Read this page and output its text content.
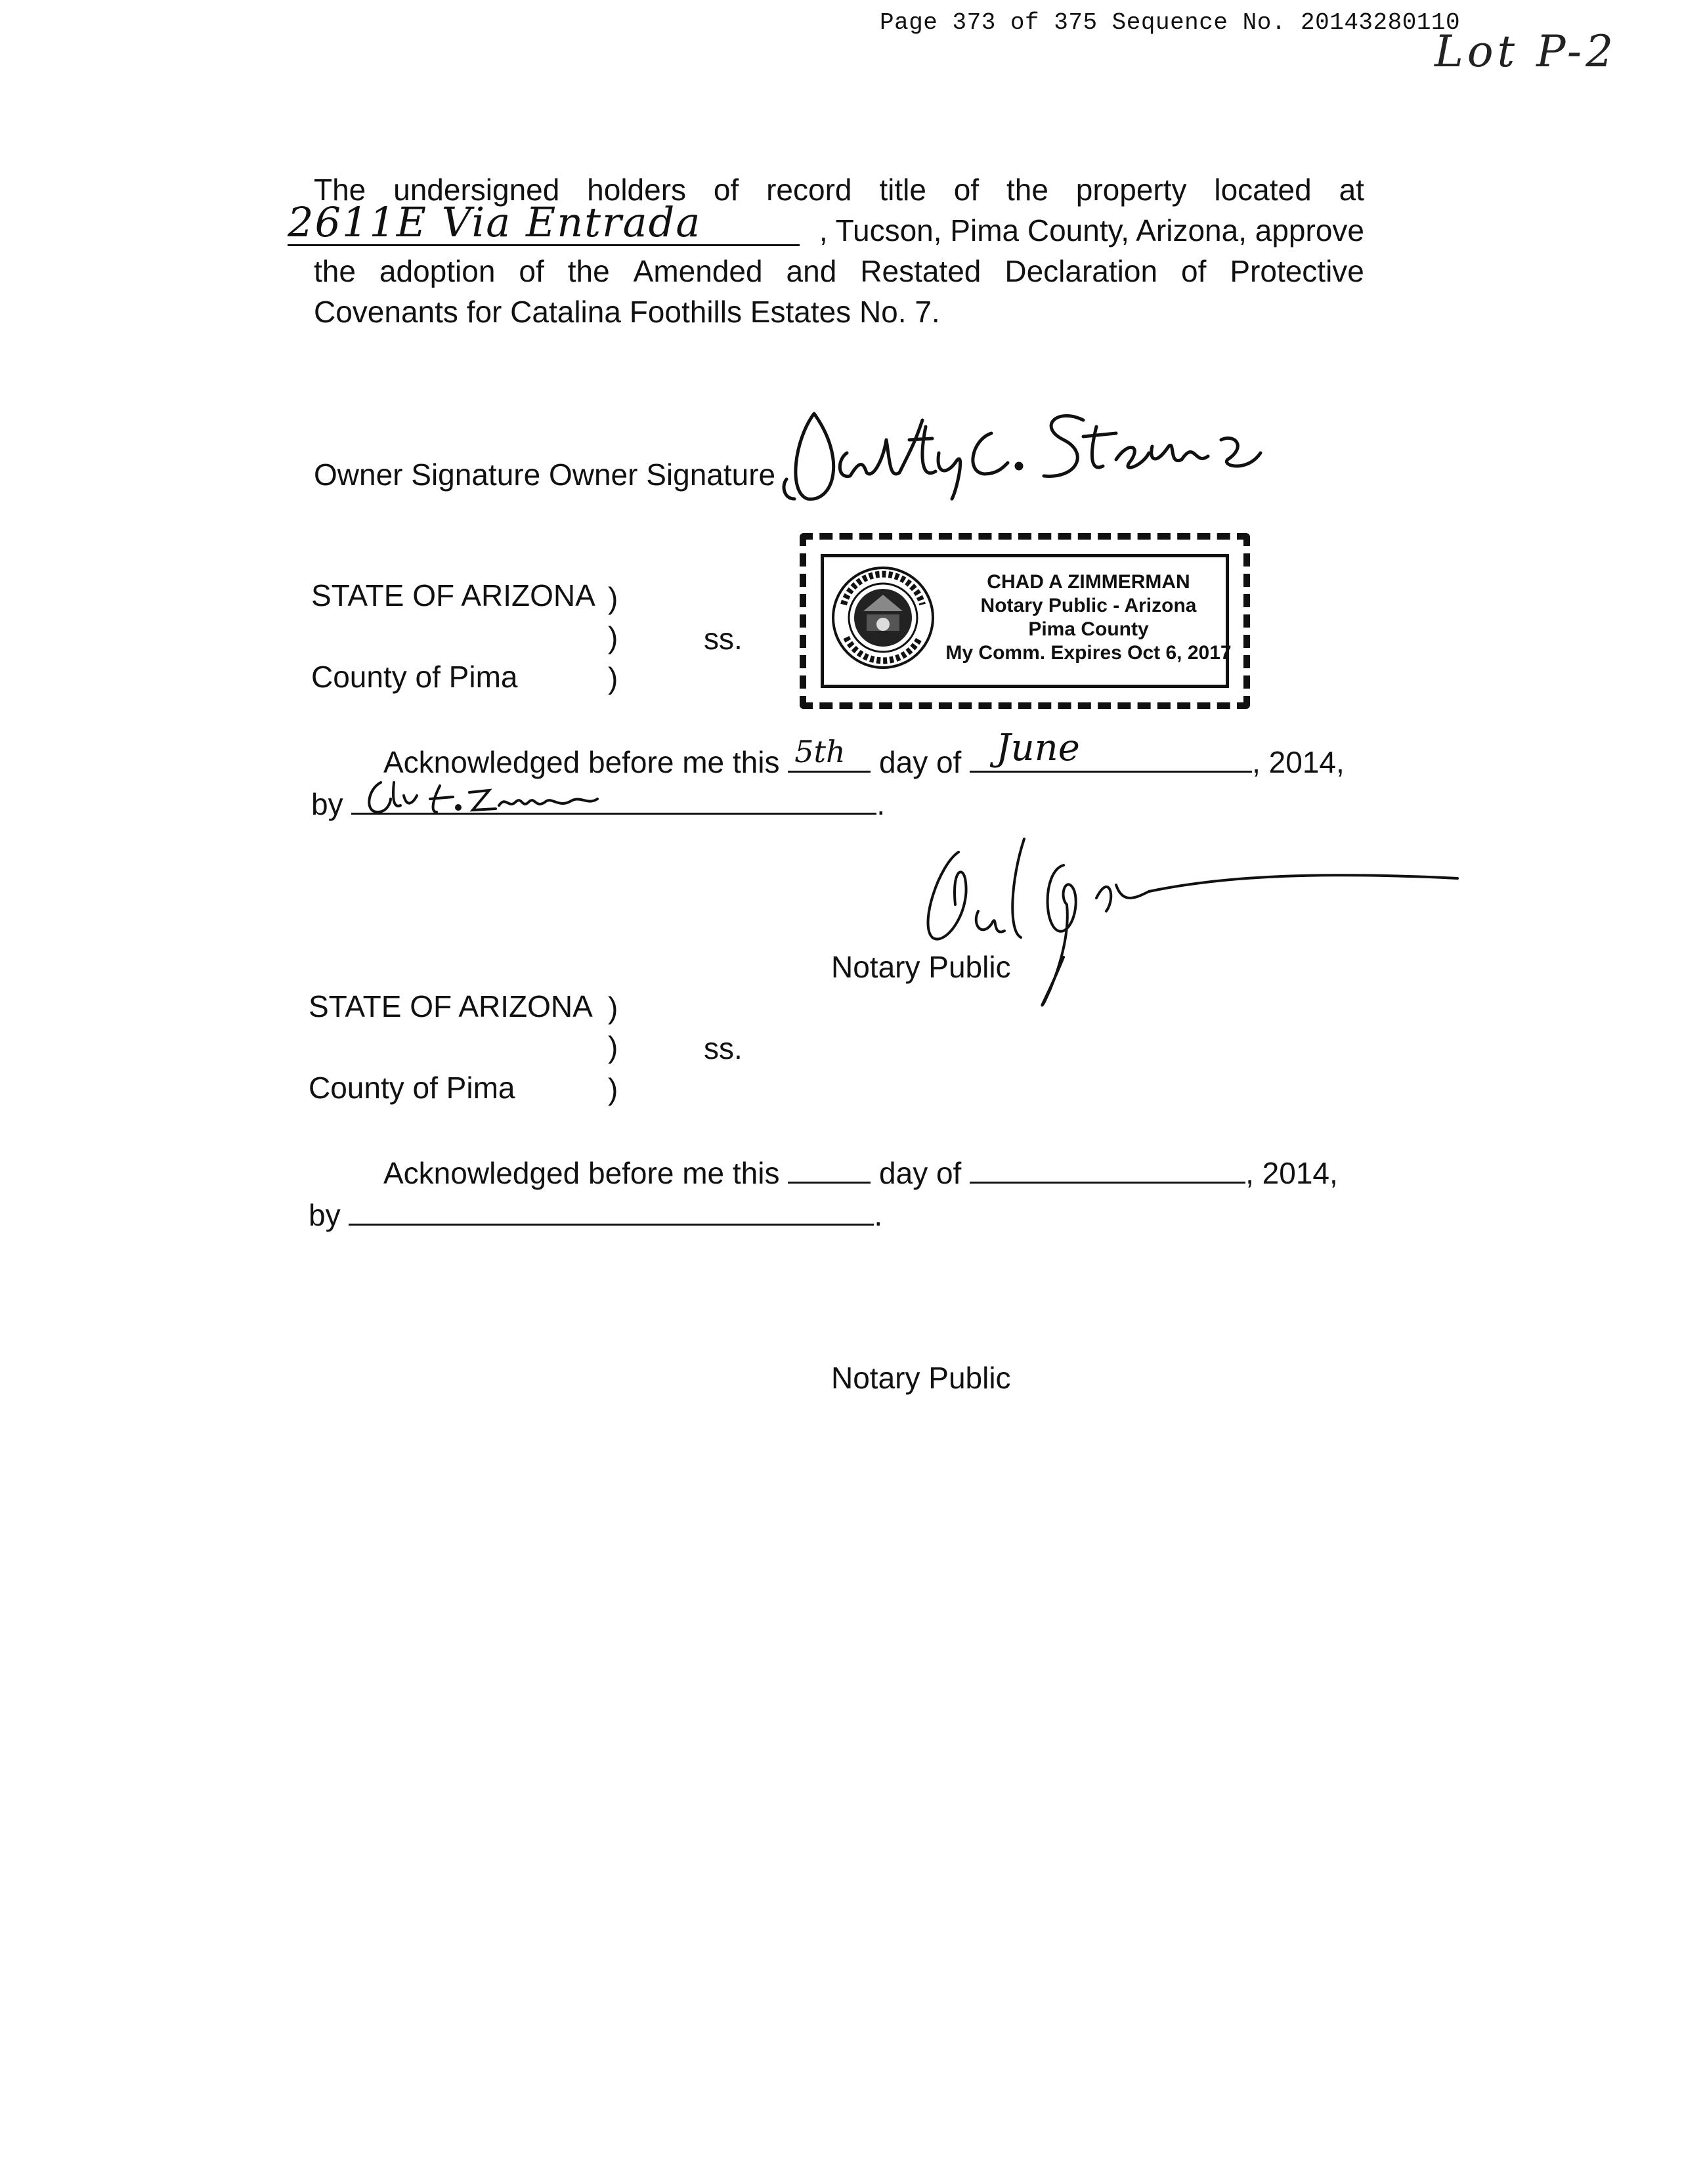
Page 373 of 375 Sequence No. 20143280110
Lot P-2
The undersigned holders of record title of the property located at
2611E Via Entrada	, Tucson, Pima County, Arizona, approve
the adoption of the Amended and Restated Declaration of Protective
Covenants for Catalina Foothills Estates No. 7.
Owner Signature Owner Signature
CHAD A ZIMMERMAN
Notary Public - Arizona
Pima County
My Comm. Expires Oct 6, 2017
STATE OF ARIZONA )
)	ss.
County of Pima	)
Acknowledged before me this 5th day of June	, 2014,
by	.
Notary Public
STATE OF ARIZONA )
)	ss.
County of Pima	)
Acknowledged before me this	day of	, 2014,
by	.
Notary Public
